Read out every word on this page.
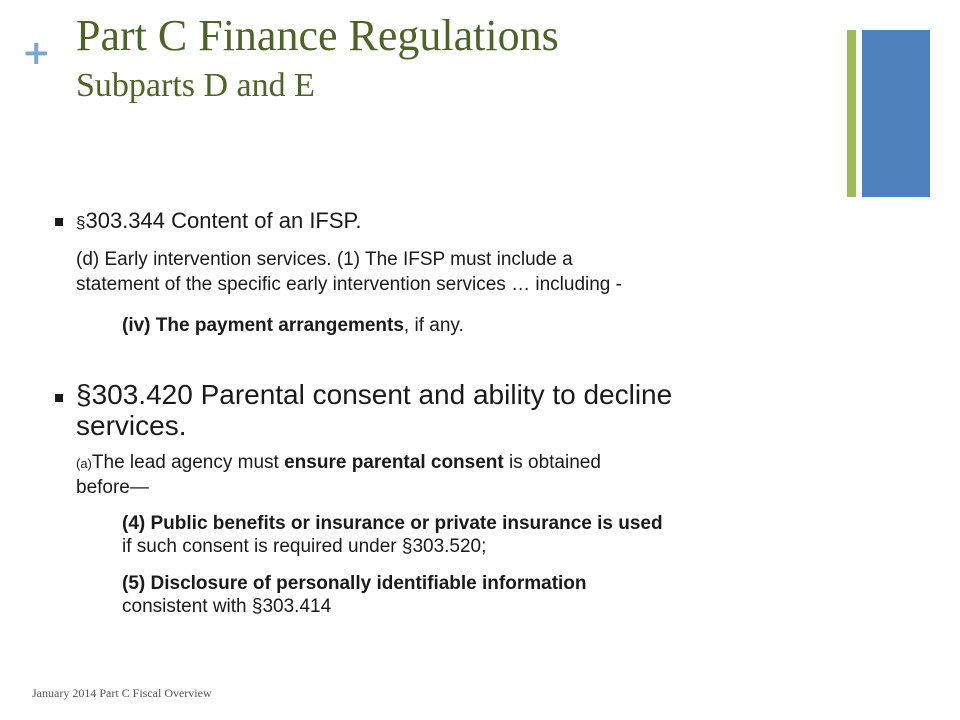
+ Part C Finance Regulations
Subparts D and E
§303.344 Content of an IFSP.
(d) Early intervention services. (1) The IFSP must include a
statement of the specific early intervention services … including -
(iv) The payment arrangements, if any.
§303.420 Parental consent and ability to decline
services.
(a)The lead agency must ensure parental consent is obtained
before—
(4) Public benefits or insurance or private insurance is used
if such consent is required under §303.520;
(5) Disclosure of personally identifiable information
consistent with §303.414
January 2014 Part C Fiscal Overview
